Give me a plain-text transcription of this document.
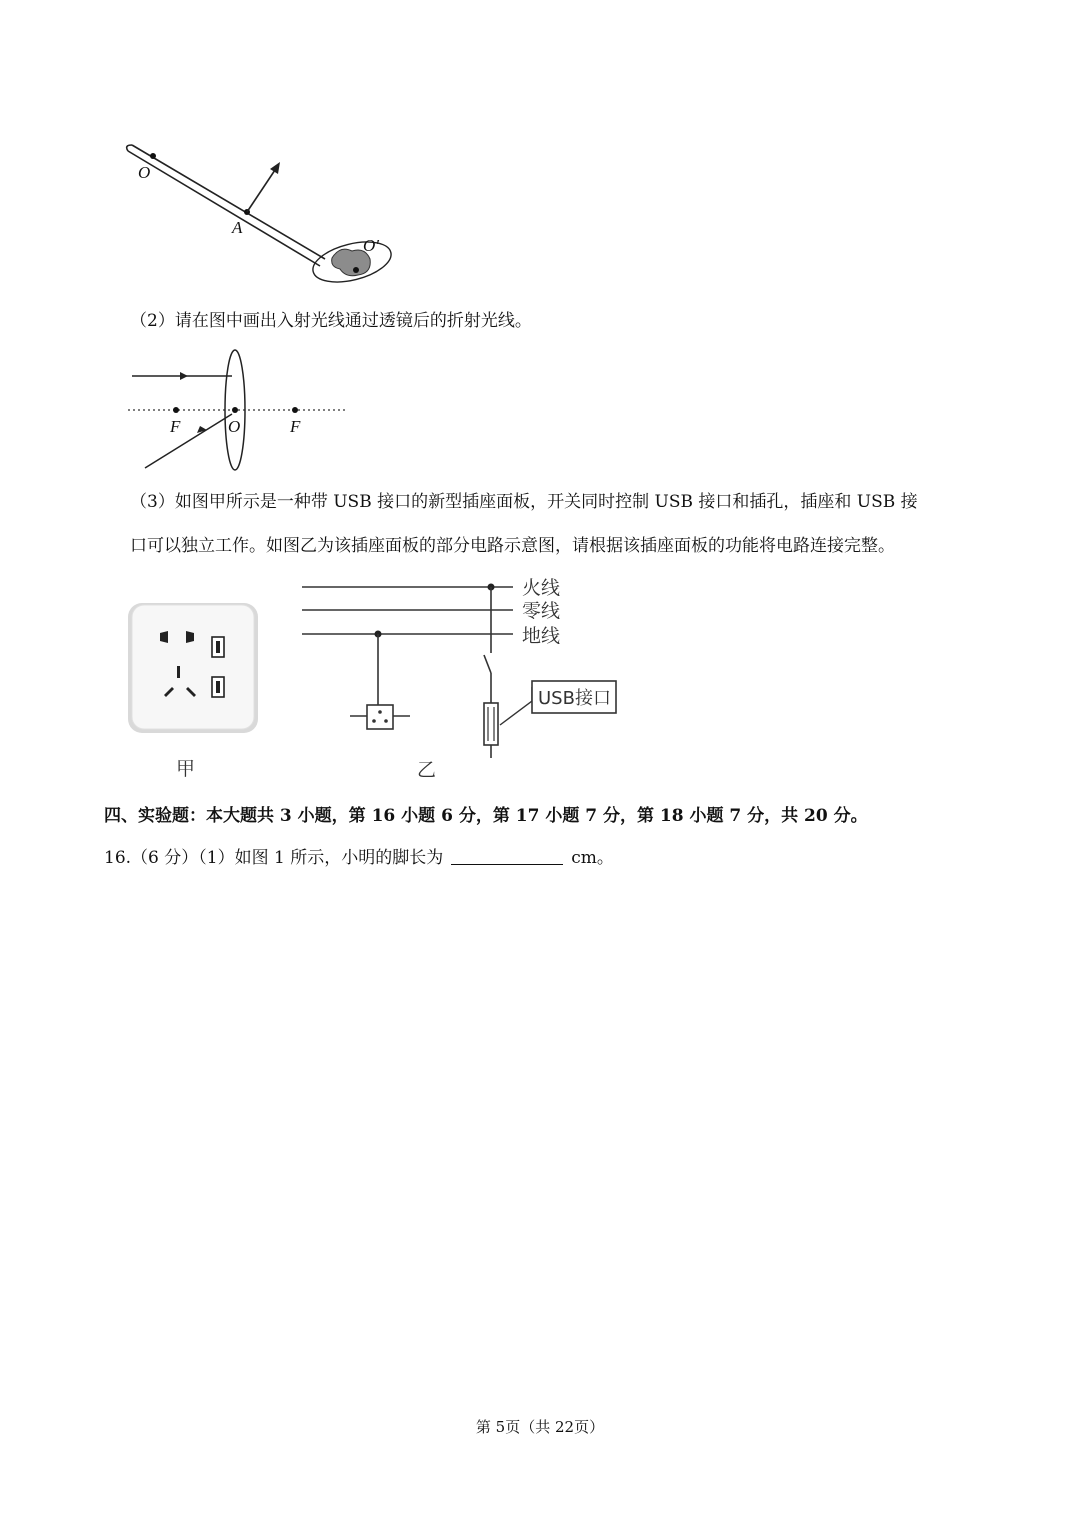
O
A
O′
（2）请在图中画出入射光线通过透镜后的折射光线。
F	O	F
（3）如图甲所示是一种带 USB 接口的新型插座面板，开关同时控制 USB 接口和插孔，插座和 USB 接
口可以独立工作。如图乙为该插座面板的部分电路示意图，请根据该插座面板的功能将电路连接完整。
甲
火线
零线
地线
USB接口
乙
四、实验题：本大题共 3 小题，第 16 小题 6 分，第 17 小题 7 分，第 18 小题 7 分，共 20 分。
16.（6 分）（1）如图 1 所示，小明的脚长为	cm。
第 5页（共 22页）
